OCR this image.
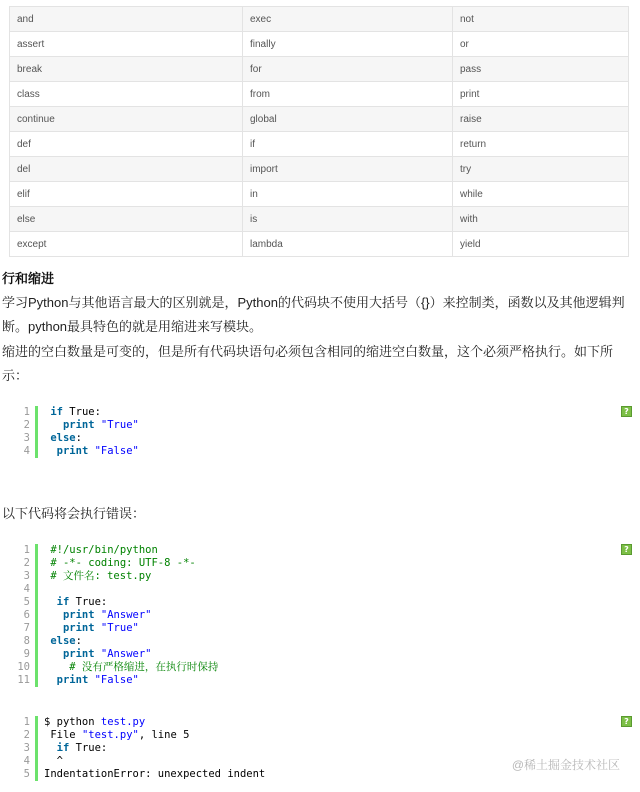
and	exec	not
assert	finally	or
break	for	pass
class	from	print
continue	global	raise
def	if	return
del	import	try
elif	in	while
else	is	with
except	lambda	yield
行和缩进
学习Python与其他语言最大的区别就是，Python的代码块不使用大括号（{}）来控制类，函数以及其他逻辑判断。python最具特色的就是用缩进来写模块。
缩进的空白数量是可变的，但是所有代码块语句必须包含相同的缩进空白数量，这个必须严格执行。如下所示：
以下代码将会执行错误：
?
1	if True:
2	print "True"
3	else:
4	print "False"
?
1	#!/usr/bin/python
2	# -*- coding: UTF-8 -*-
3	# 文件名: test.py
4
5	if True:
6	print "Answer"
7	print "True"
8	else:
9	print "Answer"
10	# 没有严格缩进，在执行时保持
11	print "False"
?
1	$ python test.py
2	File "test.py", line 5
3	if True:
4	^
5	IndentationError: unexpected indent
@稀土掘金技术社区
